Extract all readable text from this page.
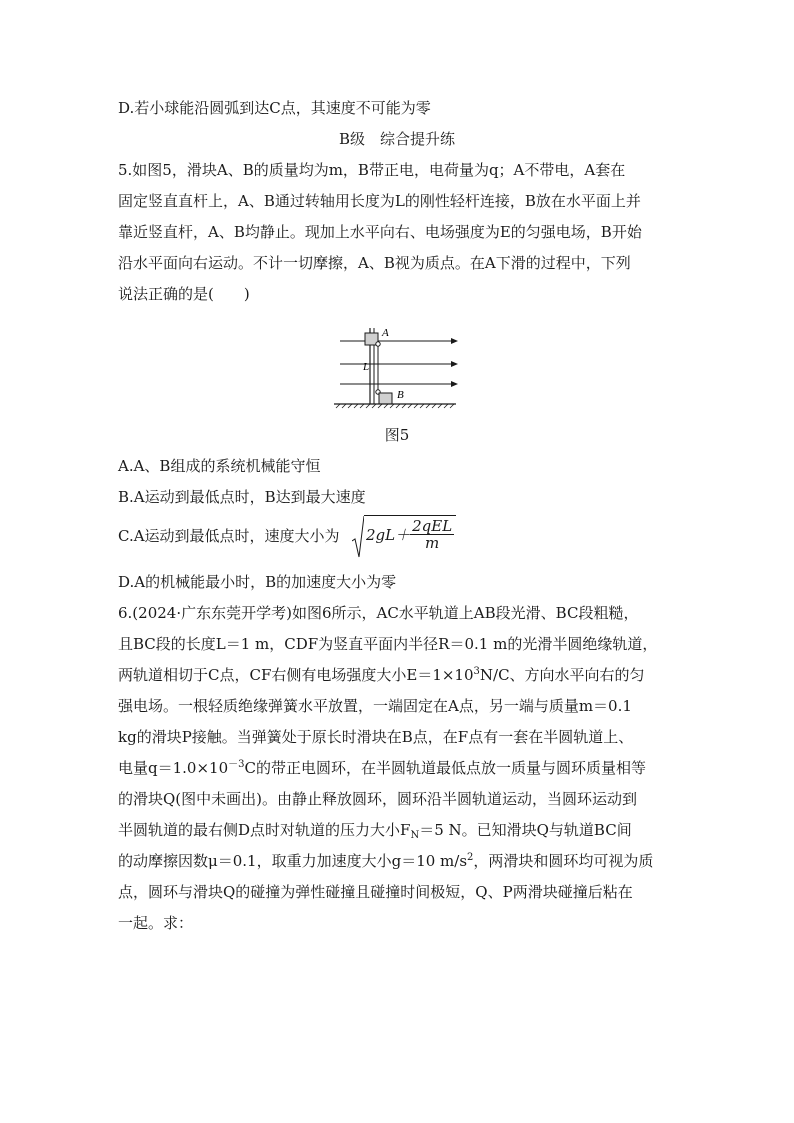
D.若小球能沿圆弧到达C点，其速度不可能为零
B级　综合提升练
5.如图5，滑块A、B的质量均为m，B带正电，电荷量为q；A不带电，A套在
固定竖直直杆上，A、B通过转轴用长度为L的刚性轻杆连接，B放在水平面上并
靠近竖直杆，A、B均静止。现加上水平向右、电场强度为E的匀强电场，B开始
沿水平面向右运动。不计一切摩擦，A、B视为质点。在A下滑的过程中，下列
说法正确的是(　　)
A
L
B
图5
A.A、B组成的系统机械能守恒
B.A运动到最低点时，B达到最大速度
C.A运动到最低点时，速度大小为	$2gL+ \frac{\text{2qEL}}{m}$
D.A的机械能最小时，B的加速度大小为零
6.(2024·广东东莞开学考)如图6所示，AC水平轨道上AB段光滑、BC段粗糙，
且BC段的长度L＝1 m，CDF为竖直平面内半径R＝0.1 m的光滑半圆绝缘轨道，
两轨道相切于C点，CF右侧有电场强度大小$E=1\times 10^3N/C$、方向水平向右的匀
强电场。一根轻质绝缘弹簧水平放置，一端固定在A点，另一端与质量m＝0.1
kg的滑块P接触。当弹簧处于原长时滑块在B点，在F点有一套在半圆轨道上、
电量$q=1.0\times 10^{-3}C$的带正电圆环，在半圆轨道最低点放一质量与圆环质量相等
的滑块Q(图中未画出)。由静止释放圆环，圆环沿半圆轨道运动，当圆环运动到
半圆轨道的最右侧D点时对轨道的压力大小$F_N=5$ N。已知滑块Q与轨道BC间
的动摩擦因数μ＝0.1，取重力加速度大小g＝10 $m/s^2$，两滑块和圆环均可视为质
点，圆环与滑块Q的碰撞为弹性碰撞且碰撞时间极短，Q、P两滑块碰撞后粘在
一起。求：
